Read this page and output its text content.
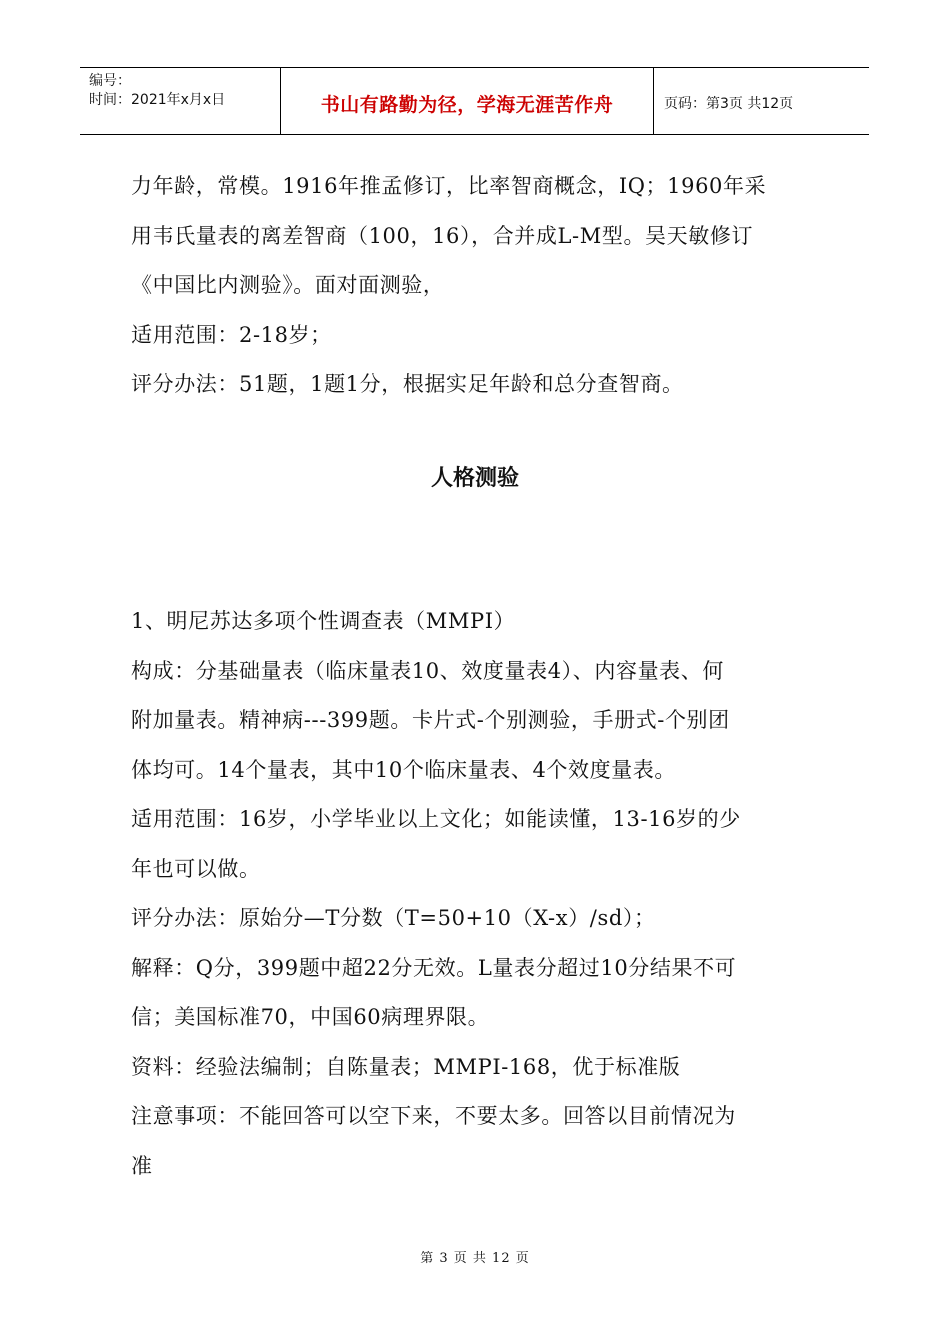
编号：
时间：2021年x月x日	书山有路勤为径，学海无涯苦作舟	页码：第3页 共12页
力年龄，常模。1916年推孟修订，比率智商概念，IQ；1960年采
用韦氏量表的离差智商（100，16），合并成L-M型。吴天敏修订
《中国比内测验》。面对面测验，
适用范围：2-18岁；
评分办法：51题，1题1分，根据实足年龄和总分查智商。
人格测验
1、明尼苏达多项个性调查表（MMPI）
构成：分基础量表（临床量表10、效度量表4）、内容量表、何
附加量表。精神病---399题。卡片式-个别测验，手册式-个别团
体均可。14个量表，其中10个临床量表、4个效度量表。
适用范围：16岁，小学毕业以上文化；如能读懂，13-16岁的少
年也可以做。
评分办法：原始分—T分数（T=50+10（X-x）/sd）；
解释：Q分，399题中超22分无效。L量表分超过10分结果不可
信；美国标准70，中国60病理界限。
资料：经验法编制；自陈量表；MMPI-168，优于标准版
注意事项：不能回答可以空下来，不要太多。回答以目前情况为
准
第 3 页 共 12 页
